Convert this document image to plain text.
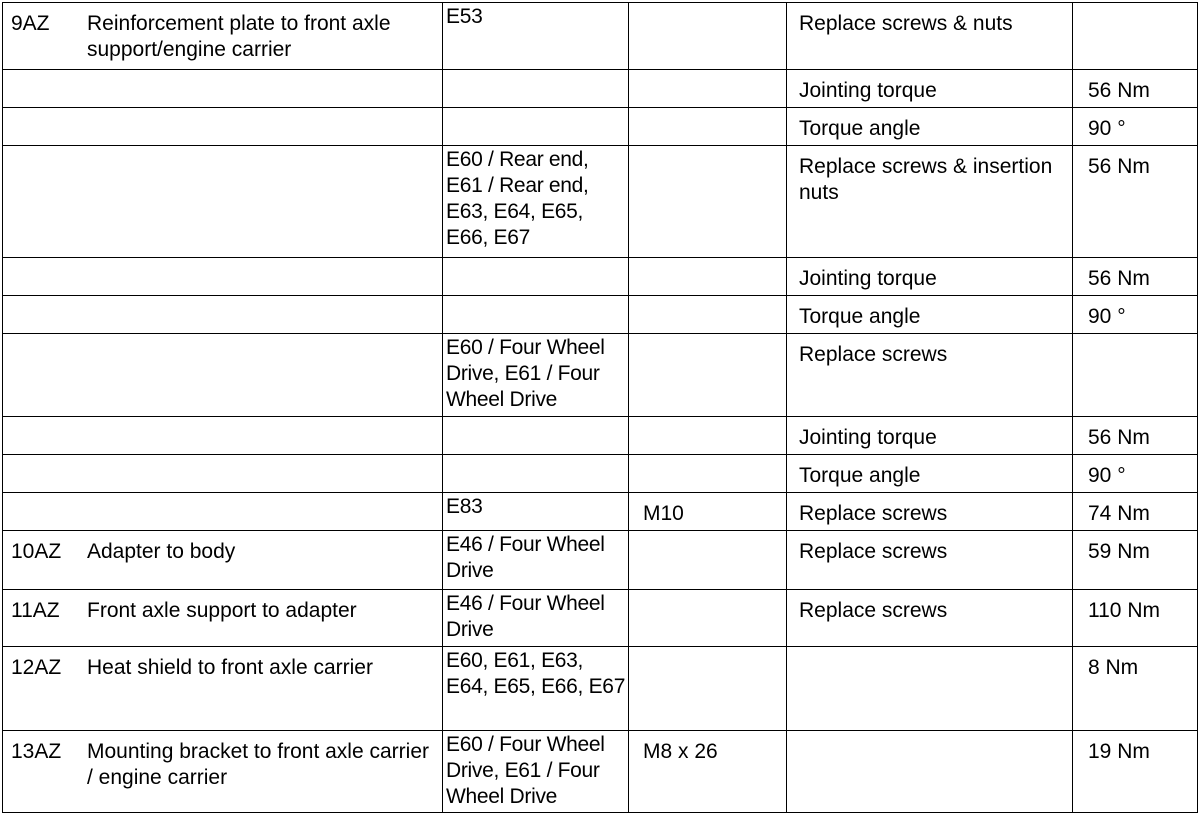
9AZ Reinforcement plate to front axle support/engine carrier	E53		Replace screws & nuts	

			Jointing torque	56 Nm

			Torque angle	90 °

	E60 / Rear end, E61 / Rear end, E63, E64, E65, E66, E67		Replace screws & insertion nuts	56 Nm

			Jointing torque	56 Nm

			Torque angle	90 °

	E60 / Four Wheel Drive, E61 / Four Wheel Drive		Replace screws	

			Jointing torque	56 Nm

			Torque angle	90 °

	E83	M10	Replace screws	74 Nm

10AZ Adapter to body	E46 / Four Wheel Drive		Replace screws	59 Nm

11AZ Front axle support to adapter	E46 / Four Wheel Drive		Replace screws	110 Nm

12AZ Heat shield to front axle carrier	E60, E61, E63, E64, E65, E66, E67			8 Nm

13AZ Mounting bracket to front axle carrier / engine carrier	E60 / Four Wheel Drive, E61 / Four Wheel Drive	M8 x 26		19 Nm
